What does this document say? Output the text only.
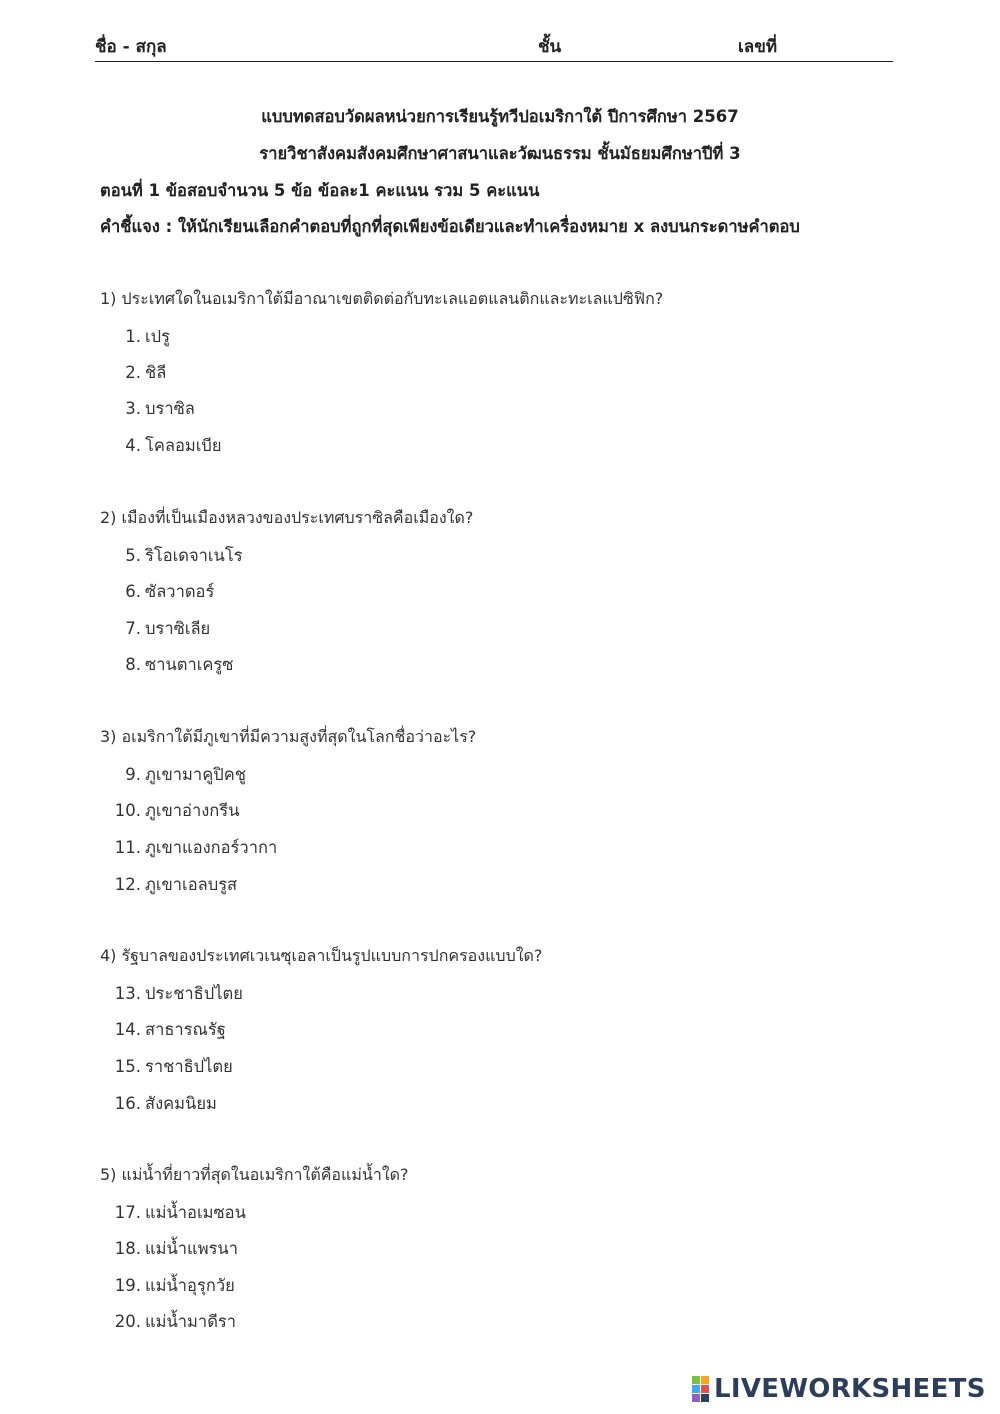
ชื่อ - สกุล	ชั้น	เลขที่
แบบทดสอบวัดผลหน่วยการเรียนรู้ทวีปอเมริกาใต้ ปีการศึกษา 2567
รายวิชาสังคมสังคมศึกษาศาสนาและวัฒนธรรม ชั้นมัธยมศึกษาปีที่ 3
ตอนที่ 1 ข้อสอบจำนวน 5 ข้อ ข้อละ1 คะแนน รวม 5 คะแนน
คำชี้แจง : ให้นักเรียนเลือกคำตอบที่ถูกที่สุดเพียงข้อเดียวและทำเครื่องหมาย x ลงบนกระดาษคำตอบ
1) ประเทศใดในอเมริกาใต้มีอาณาเขตติดต่อกับทะเลแอตแลนติกและทะเลแปซิฟิก?
1. เปรู
2. ชิลี
3. บราซิล
4. โคลอมเบีย
2) เมืองที่เป็นเมืองหลวงของประเทศบราซิลคือเมืองใด?
5. ริโอเดจาเนโร
6. ซัลวาดอร์
7. บราซิเลีย
8. ซานตาเครูซ
3) อเมริกาใต้มีภูเขาที่มีความสูงที่สุดในโลกชื่อว่าอะไร?
9. ภูเขามาคูปิคชู
10. ภูเขาอ่างกรีน
11. ภูเขาแองกอร์วากา
12. ภูเขาเอลบรูส
4) รัฐบาลของประเทศเวเนซุเอลาเป็นรูปแบบการปกครองแบบใด?
13. ประชาธิปไตย
14. สาธารณรัฐ
15. ราชาธิปไตย
16. สังคมนิยม
5) แม่น้ำที่ยาวที่สุดในอเมริกาใต้คือแม่น้ำใด?
17. แม่น้ำอเมซอน
18. แม่น้ำแพรนา
19. แม่น้ำอุรุกวัย
20. แม่น้ำมาดีรา
LIVEWORKSHEETS
